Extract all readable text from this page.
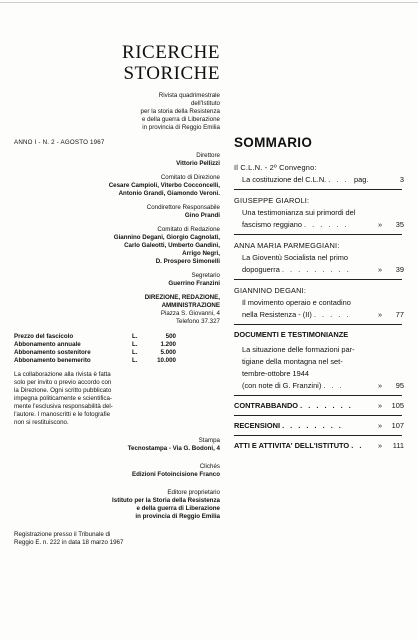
RICERCHE
STORICHE
Rivista quadrimestrale
dell'Istituto
per la storia della Resistenza
e della guerra di Liberazione
in provincia di Reggio Emilia
ANNO I - N. 2 - AGOSTO 1967
Direttore
Vittorio Pellizzi
Comitato di Direzione
Cesare Campioli, Viterbo Cocconcelli,
Antonio Grandi, Giamondo Veroni.
Condirettore Responsabile
Gino Prandi
Comitato di Redazione
Giannino Degani, Giorgio Cagnolati,
Carlo Galeotti, Umberto Gandini,
Arrigo Negri,
D. Prospero Simonelli
Segretario
Guerrino Franzini
DIREZIONE, REDAZIONE,
AMMINISTRAZIONE
Piazza S. Giovanni, 4
Telefono 37.327
Prezzo del fascicolo	L.	500
Abbonamento annuale	L.	1.200
Abbonamento sostenitore	L.	5.000
Abbonamento benemerito	L.	10.000
La collaborazione alla rivista è fatta
solo per invito o previo accordo con
la Direzione. Ogni scritto pubblicato
impegna politicamente e scientifica-
mente l'esclusiva responsabilità del-
l'autore. I manoscritti e le fotografie
non si restituiscono.
Stampa
Tecnostampa - Via G. Bodoni, 4
Clichés
Edizioni Fotoincisione Franco
Editore proprietario
Istituto per la Storia della Resistenza
e della guerra di Liberazione
in provincia di Reggio Emilia
Registrazione presso il Tribunale di
Reggio E. n. 222 in data 18 marzo 1967
SOMMARIO
Il C.L.N. - 2º Convegno:
La costituzione del C.L.N. . . . pag.	3
GIUSEPPE GIAROLI:
Una testimonianza sui primordi del
fascismo reggiano . . . . . .	» 35
ANNA MARIA PARMEGGIANI:
La Gioventù Socialista nel primo
dopoguerra . . . . . . . . .	» 39
GIANNINO DEGANI:
Il movimento operaio e contadino
nella Resistenza - (II) . . . . .	» 77
DOCUMENTI E TESTIMONIANZE
La situazione delle formazioni par-
tigiane della montagna nel set-
tembre-ottobre 1944
(con note di G. Franzini) . . .	» 95
CONTRABBANDO . . . . . . .	» 105
RECENSIONI . . . . . . . .	» 107
ATTI E ATTIVITA' DELL'ISTITUTO . . » 111
